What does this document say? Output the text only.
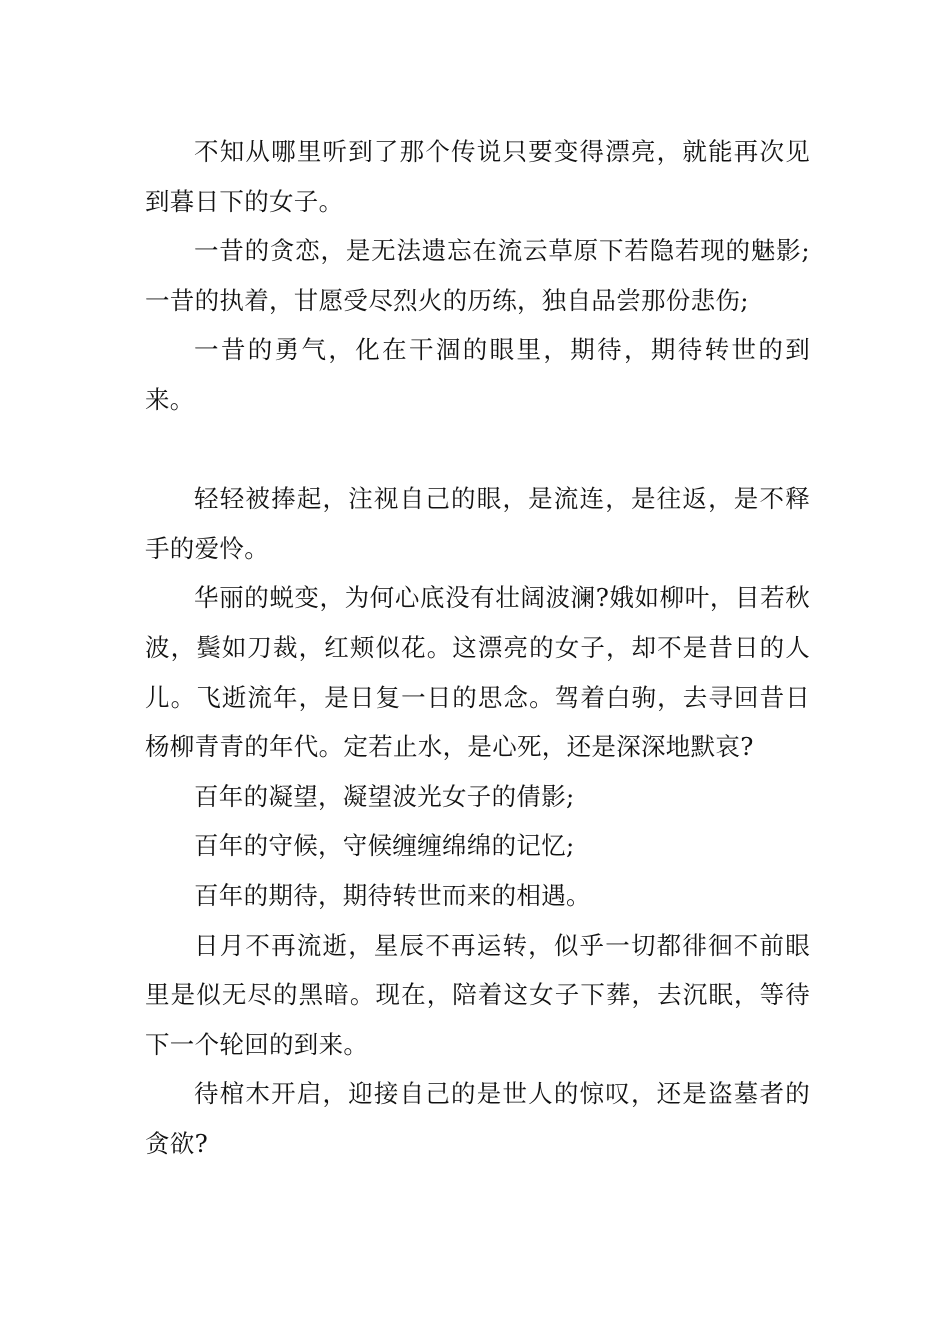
不知从哪里听到了那个传说只要变得漂亮，就能再次见到暮日下的女子。

一昔的贪恋，是无法遗忘在流云草原下若隐若现的魅影;一昔的执着，甘愿受尽烈火的历练，独自品尝那份悲伤;

一昔的勇气，化在干涸的眼里，期待，期待转世的到来。

轻轻被捧起，注视自己的眼，是流连，是往返，是不释手的爱怜。

华丽的蜕变，为何心底没有壮阔波澜?娥如柳叶，目若秋波，鬓如刀裁，红颊似花。这漂亮的女子，却不是昔日的人儿。飞逝流年，是日复一日的思念。驾着白驹，去寻回昔日杨柳青青的年代。定若止水，是心死，还是深深地默哀?

百年的凝望，凝望波光女子的倩影;

百年的守候，守候缠缠绵绵的记忆;

百年的期待，期待转世而来的相遇。

日月不再流逝，星辰不再运转，似乎一切都徘徊不前眼里是似无尽的黑暗。现在，陪着这女子下葬，去沉眠，等待下一个轮回的到来。

待棺木开启，迎接自己的是世人的惊叹，还是盗墓者的贪欲?
